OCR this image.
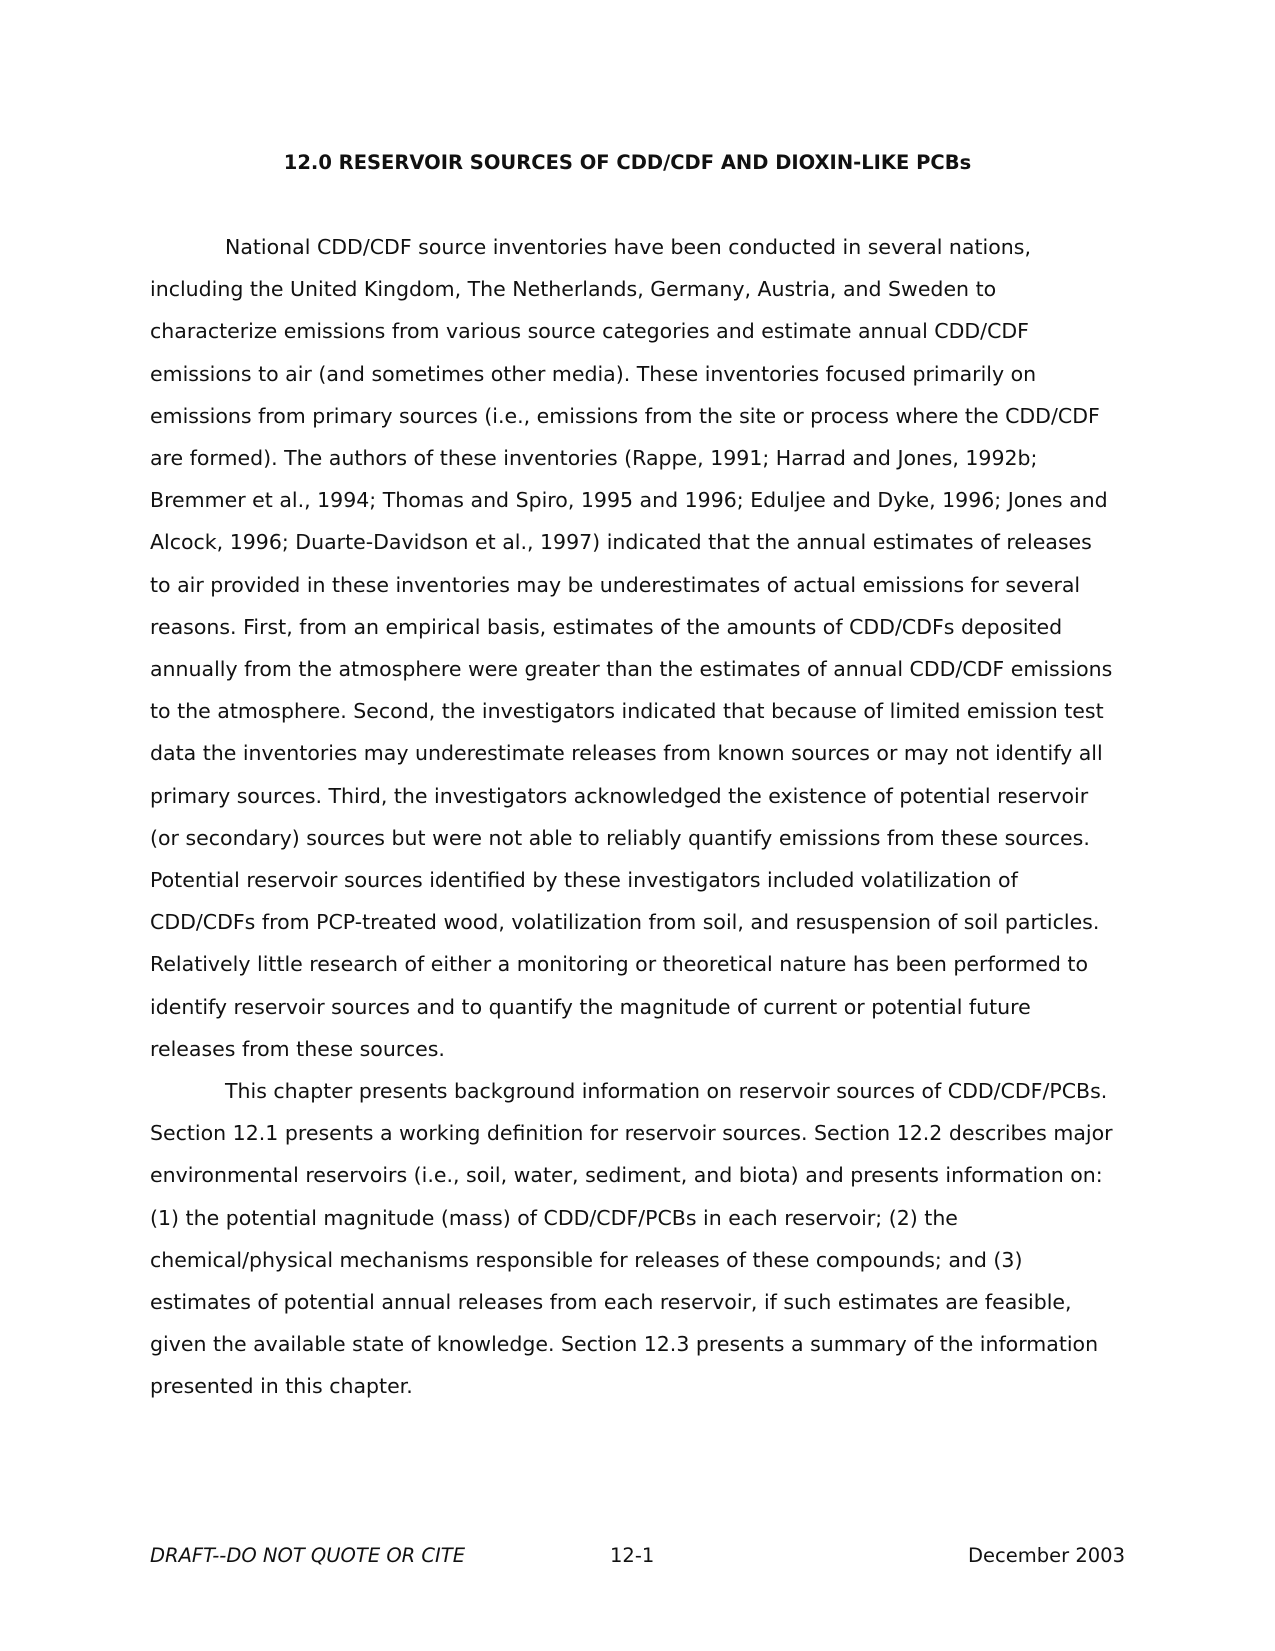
12.0 RESERVOIR SOURCES OF CDD/CDF AND DIOXIN-LIKE PCBs

National CDD/CDF source inventories have been conducted in several nations, including the United Kingdom, The Netherlands, Germany, Austria, and Sweden to characterize emissions from various source categories and estimate annual CDD/CDF emissions to air (and sometimes other media). These inventories focused primarily on emissions from primary sources (i.e., emissions from the site or process where the CDD/CDF are formed). The authors of these inventories (Rappe, 1991; Harrad and Jones, 1992b; Bremmer et al., 1994; Thomas and Spiro, 1995 and 1996; Eduljee and Dyke, 1996; Jones and Alcock, 1996; Duarte-Davidson et al., 1997) indicated that the annual estimates of releases to air provided in these inventories may be underestimates of actual emissions for several reasons. First, from an empirical basis, estimates of the amounts of CDD/CDFs deposited annually from the atmosphere were greater than the estimates of annual CDD/CDF emissions to the atmosphere. Second, the investigators indicated that because of limited emission test data the inventories may underestimate releases from known sources or may not identify all primary sources. Third, the investigators acknowledged the existence of potential reservoir (or secondary) sources but were not able to reliably quantify emissions from these sources. Potential reservoir sources identified by these investigators included volatilization of CDD/CDFs from PCP-treated wood, volatilization from soil, and resuspension of soil particles. Relatively little research of either a monitoring or theoretical nature has been performed to identify reservoir sources and to quantify the magnitude of current or potential future releases from these sources.

This chapter presents background information on reservoir sources of CDD/CDF/PCBs. Section 12.1 presents a working definition for reservoir sources. Section 12.2 describes major environmental reservoirs (i.e., soil, water, sediment, and biota) and presents information on: (1) the potential magnitude (mass) of CDD/CDF/PCBs in each reservoir; (2) the chemical/physical mechanisms responsible for releases of these compounds; and (3) estimates of potential annual releases from each reservoir, if such estimates are feasible, given the available state of knowledge. Section 12.3 presents a summary of the information presented in this chapter.

DRAFT--DO NOT QUOTE OR CITE	12-1	December 2003
